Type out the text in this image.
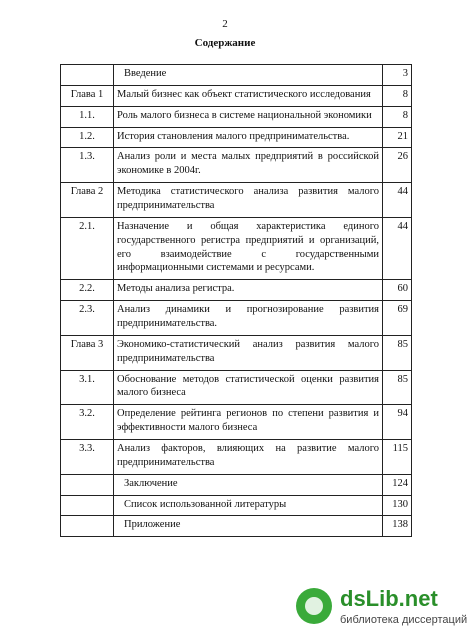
2
Содержание
	Введение	3
Глава 1	Малый бизнес как объект статистического исследования	8
1.1.	Роль малого бизнеса в системе национальной экономики	8
1.2.	История становления малого предпринимательства.	21
1.3.	Анализ роли и места малых предприятий в российской экономике в 2004г.	26
Глава 2	Методика статистического анализа развития малого предпринимательства	44
2.1.	Назначение и общая характеристика единого государственного регистра предприятий и организаций, его взаимодействие с государственными информационными системами и ресурсами.	44
2.2.	Методы анализа регистра.	60
2.3.	Анализ динамики и прогнозирование развития предпринимательства.	69
Глава 3	Экономико-статистический анализ развития малого предпринимательства	85
3.1.	Обоснование методов статистической оценки развития малого бизнеса	85
3.2.	Определение рейтинга регионов по степени развития и эффективности малого бизнеса	94
3.3.	Анализ факторов, влияющих на развитие малого предпринимательства	115
	Заключение	124
	Список использованной литературы	130
	Приложение	138
dsLib.net
библиотека диссертаций
